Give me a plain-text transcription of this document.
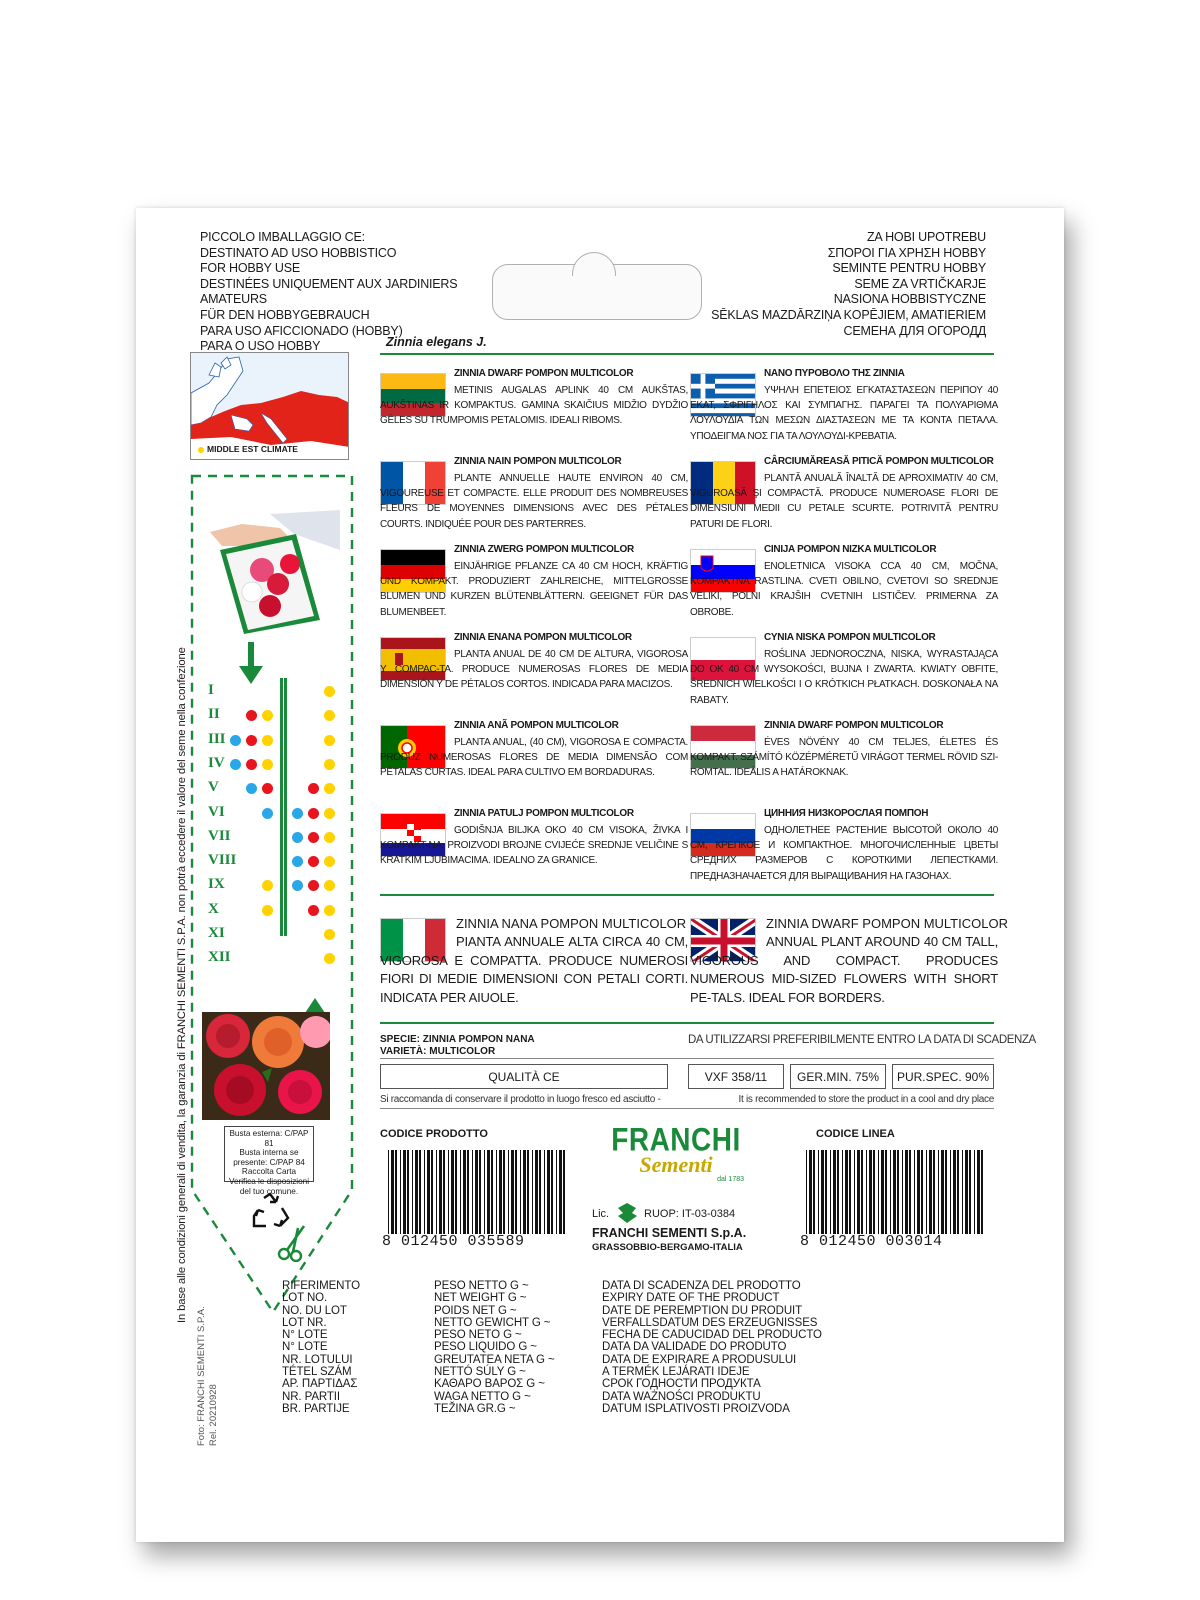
PICCOLO IMBALLAGGIO CE:
DESTINATO AD USO HOBBISTICO
FOR HOBBY USE
DESTINÉES UNIQUEMENT AUX JARDINIERS
AMATEURS
FÜR DEN HOBBYGEBRAUCH
PARA USO AFICCIONADO (HOBBY)
PARA O USO HOBBY
ZA HOBI UPOTREBU
ΣΠΟΡΟΙ ΓΙΑ ΧΡΗΣΗ HOBBY
SEMINTE PENTRU HOBBY
SEME ZA VRTIČKARJE
NASIONA HOBBISTYCZNE
SĒKLAS MAZDĀRZIŅA KOPĒJIEM, AMATIERIEM
СЕМЕНА ДЛЯ ОГОРОДД
Zinnia elegans J.
MIDDLE EST CLIMATE
In base alle condizioni generali di vendita, la garanzia di FRANCHI SEMENTI S.P.A. non potrà eccedere il valore del seme nella confezione
Foto: FRANCHI SEMENTI S.P.A. Rel. 20210928
I
II
III
IV
V
VI
VII
VIII
IX
X
XI
XII
Busta esterna: C/PAP 81
Busta interna se presente: C/PAP 84
Raccolta Carta
Verifica le disposizioni del tuo comune.
ZINNIA DWARF POMPON MULTICOLOR
METINIS AUGALAS APLINK 40 CM AUKŠTAS, AUKŠTINAS IR KOMPAKTUS. GAMINA SKAIČIUS MIDŽIO DYDŽIO GĖLES SU TRUMPOMIS PETALOMIS. IDEALI RIBOMS.
ΝΑΝΟ ΠΥΡΟΒΟΛΟ ΤΗΣ ZINNIA
ΥΨΗΛΗ ΕΠΕΤΕΙΟΣ ΕΓΚΑΤΑΣΤΑΣΕΩΝ ΠΕΡΙΠΟΥ 40 ΕΚΑΤ, ΣΦΡΙΓΗΛΟΣ ΚΑΙ ΣΥΜΠΑΓΗΣ. ΠΑΡΑΓΕΙ ΤΑ ΠΟΛΥΑΡΙΘΜΑ ΛΟΥΛΟΥΔΙΑ ΤΩΝ ΜΕΣΩΝ ΔΙΑΣΤΑΣΕΩΝ ΜΕ ΤΑ ΚΟΝΤΑ ΠΕΤΑΛΑ. ΥΠΟΔΕΙΓΜΑ ΝΟΣ ΓΙΑ ΤΑ ΛΟΥΛΟΥΔΙ-ΚΡΕΒΑΤΙΑ.
ZINNIA NAIN POMPON MULTICOLOR
PLANTE ANNUELLE HAUTE ENVIRON 40 CM, VIGOUREUSE ET COMPACTE. ELLE PRODUIT DES NOMBREUSES FLEURS DE MOYENNES DIMENSIONS AVEC DES PÉTALES COURTS. INDIQUÉE POUR DES PARTERRES.
CÂRCIUMĂREASĂ PITICĂ POMPON MULTICOLOR
PLANTĂ ANUALĂ ÎNALTĂ DE APROXIMATIV 40 CM, VIGUROASĂ ŞI COMPACTĂ. PRODUCE NUMEROASE FLORI DE DIMENSIUNI MEDII CU PETALE SCURTE. POTRIVITĂ PENTRU PATURI DE FLORI.
ZINNIA ZWERG POMPON MULTICOLOR
EINJÄHRIGE PFLANZE CA 40 CM HOCH, KRÄFTIG UND KOMPAKT. PRODUZIERT ZAHLREICHE, MITTELGROSSE BLUMEN UND KURZEN BLÜTENBLÄTTERN. GEEIGNET FÜR DAS BLUMENBEET.
CINIJA POMPON NIZKA MULTICOLOR
ENOLETNICA VISOKA CCA 40 CM, MOČNA, KOMPAKTNA RASTLINA. CVETI OBILNO, CVETOVI SO SREDNJE VELIKI, POLNI KRAJŠIH CVETNIH LISTIČEV. PRIMERNA ZA OBROBE.
ZINNIA ENANA POMPON MULTICOLOR
PLANTA ANUAL DE 40 CM DE ALTURA, VIGOROSA Y COMPAC-TA. PRODUCE NUMEROSAS FLORES DE MEDIA DIMENSIÓN Y DE PÉTALOS CORTOS. INDICADA PARA MACIZOS.
CYNIA NISKA POMPON MULTICOLOR
ROŚLINA JEDNOROCZNA, NISKA, WYRASTAJĄCA DO OK 40 CM WYSOKOŚCI, BUJNA I ZWARTA. KWIATY OBFITE, ŚREDNICH WIELKOŚCI I O KRÓTKICH PŁATKACH. DOSKONAŁA NA RABATY.
ZINNIA ANÃ POMPON MULTICOLOR
PLANTA ANUAL, (40 CM), VIGOROSA E COMPACTA. PRODUZ NUMEROSAS FLORES DE MEDIA DIMENSÃO COM PÉTALAS CURTAS. IDEAL PARA CULTIVO EM BORDADURAS.
ZINNIA DWARF POMPON MULTICOLOR
ÉVES NÖVÉNY 40 CM TELJES, ÉLETES ÉS KOMPAKT. SZÁMÍTÓ KÖZÉPMÉRETŰ VIRÁGOT TERMEL RÖVID SZI-ROMTAL. IDEÁLIS A HATÁROKNAK.
ZINNIA PATULJ POMPON MULTICOLOR
GODIŠNJA BILJKA OKO 40 CM VISOKA, ŽIVKA I KOMPAKT-NA. PROIZVODI BROJNE CVIJEĆE SREDNJE VELIČINE S KRATKIM LJUBIMACIMA. IDEALNO ZA GRANICE.
ЦИННИЯ НИЗКОРОСЛАЯ ПОМПОН
ОДНОЛЕТНЕЕ РАСТЕНИЕ ВЫСОТОЙ ОКОЛО 40 СМ, КРЕПКОЕ И КОМПАКТНОЕ. МНОГОЧИСЛЕННЫЕ ЦВЕТЫ СРЕДНИХ РАЗМЕРОВ С КОРОТКИМИ ЛЕПЕСТКАМИ. ПРЕДНАЗНАЧАЕТСЯ ДЛЯ ВЫРАЩИВАНИЯ НА ГАЗОНАХ.
ZINNIA NANA POMPON MULTICOLOR
PIANTA ANNUALE ALTA CIRCA 40 CM, VIGOROSA E COMPATTA. PRODUCE NUMEROSI FIORI DI MEDIE DIMENSIONI CON PETALI CORTI. INDICATA PER AIUOLE.
ZINNIA DWARF POMPON MULTICOLOR
ANNUAL PLANT AROUND 40 CM TALL, VIGOROUS AND COMPACT. PRODUCES NUMEROUS MID-SIZED FLOWERS WITH SHORT PE-TALS. IDEAL FOR BORDERS.
SPECIE: ZINNIA POMPON NANA
VARIETÀ: MULTICOLOR
DA UTILIZZARSI PREFERIBILMENTE ENTRO LA DATA DI SCADENZA
QUALITÀ CE	VXF 358/11	GER.MIN. 75%	PUR.SPEC. 90%
Si raccomanda di conservare il prodotto in luogo fresco ed asciutto -	It is recommended to store the product in a cool and dry place
CODICE PRODOTTO	CODICE LINEA
8 012450 035589	8 012450 003014
FRANCHI
Sementi
dal 1783
Lic.	RUOP: IT-03-0384
FRANCHI SEMENTI S.p.A.
GRASSOBBIO-BERGAMO-ITALIA
RIFERIMENTO
LOT NO.
NO. DU LOT
LOT NR.
N° LOTE
N° LOTE
NR. LOTULUI
TÉTEL SZÁM
ΑΡ. ΠΑΡΤΙΔΑΣ
NR. PARTII
BR. PARTIJE
PESO NETTO G ~
NET WEIGHT G ~
POIDS NET G ~
NETTO GEWICHT G ~
PESO NETO G ~
PESO LIQUIDO G ~
GREUTATEA NETA G ~
NETTÓ SÚLY G ~
ΚΑΘΑΡΟ ΒΑΡΟΣ G ~
WAGA NETTO G ~
TEŽINA GR.G ~
DATA DI SCADENZA DEL PRODOTTO
EXPIRY DATE OF THE PRODUCT
DATE DE PEREMPTION DU PRODUIT
VERFALLSDATUM DES ERZEUGNISSES
FECHA DE CADUCIDAD DEL PRODUCTO
DATA DA VALIDADE DO PRODUTO
DATA DE EXPIRARE A PRODUSULUI
A TERMÉK LEJÁRATI IDEJE
СРОК ГОДНОСТИ ПРОДУКТА
DATA WAŻNOŚCI PRODUKTU
DATUM ISPLATIVOSTI PROIZVODA
